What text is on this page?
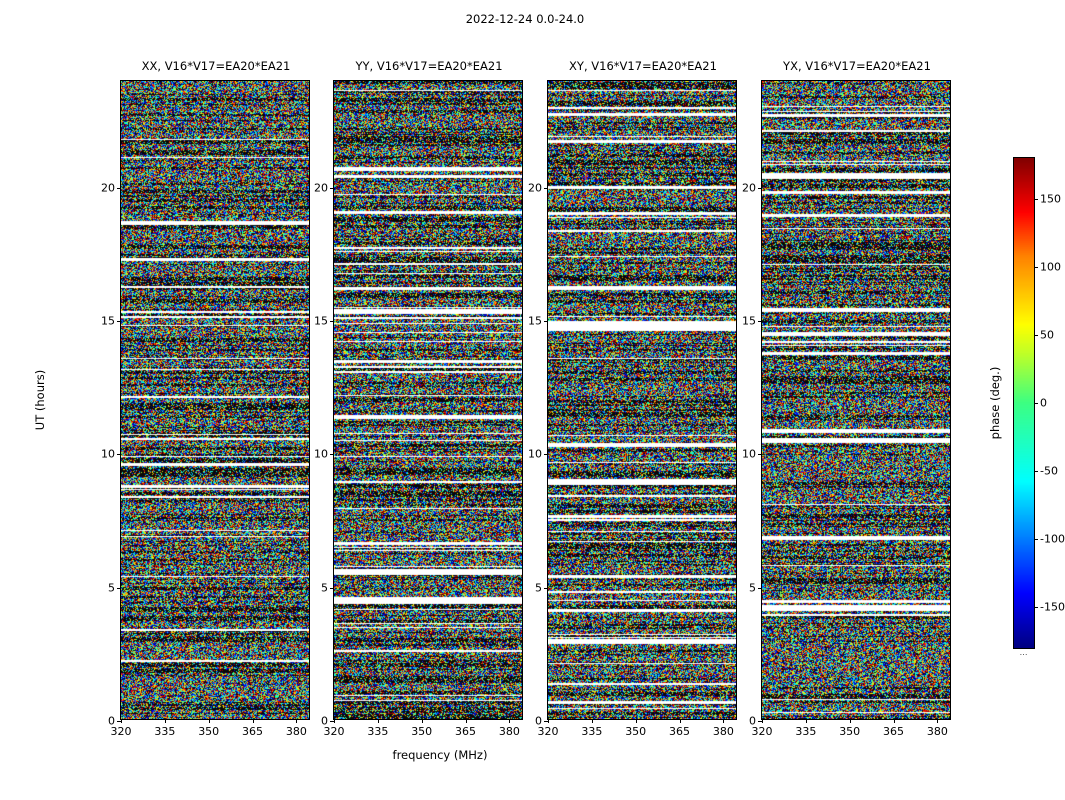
2022-12-24 0.0-24.0
UT (hours)
frequency (MHz)
XX, V16*V17=EA20*EA21
0
5
10
15
20
320 335 350 365 380
YY, V16*V17=EA20*EA21
0
5
10
15
20
320 335 350 365 380
XY, V16*V17=EA20*EA21
0
5
10
15
20
320 335 350 365 380
YX, V16*V17=EA20*EA21
0
5
10
15
20
320 335 350 365 380
150
100
50
0
-50
-100
-150
⋯
phase (deg.)
